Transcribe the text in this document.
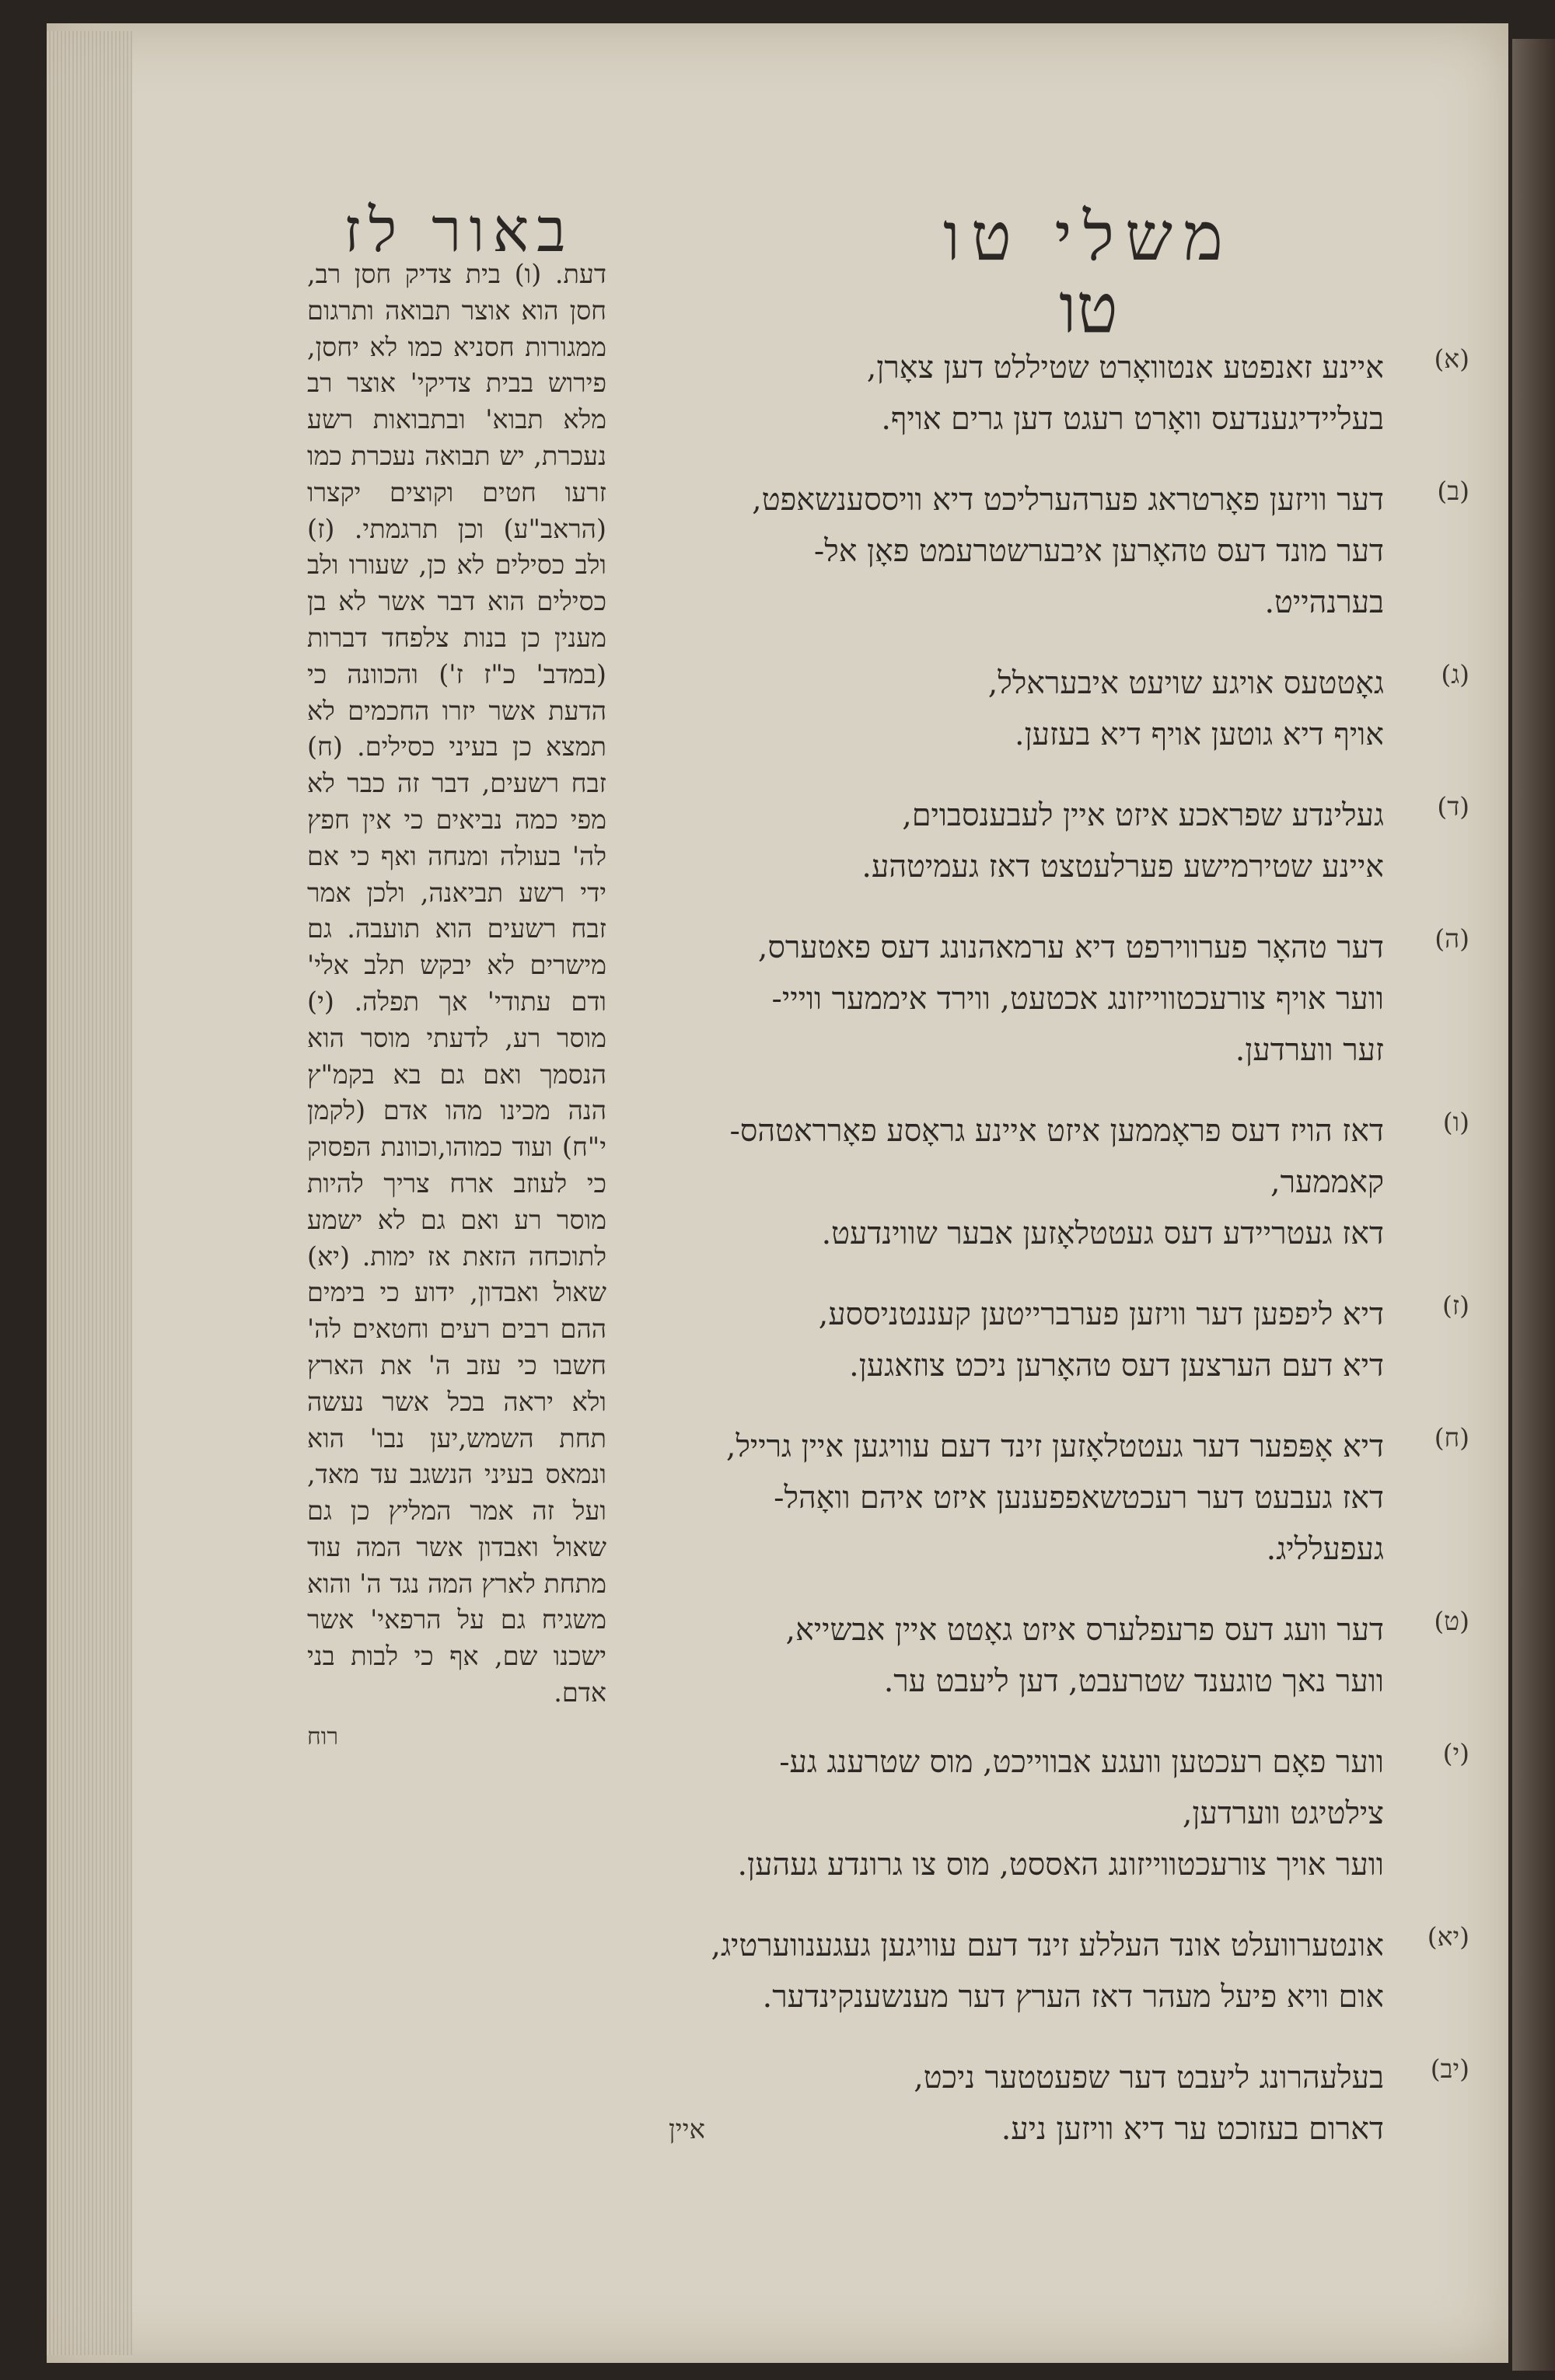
משלי טו
טו
באור לז

דעת. (ו) בית צדיק חסן רב, חסן הוא אוצר תבואה ותרגום ממגורות חסניא כמו לא יחסן, פירוש בבית צדיקי' אוצר רב מלא תבוא' ובתבואות רשע נעכרת, יש תבואה נעכרת כמו זרעו חטים וקוצים יקצרו (הראב"ע) וכן תרגמתי. (ז) ולב כסילים לא כן, שעורו ולב כסילים הוא דבר אשר לא בן מענין כן בנות צלפחד דברות (במדב' כ"ז ז') והכוונה כי הדעת אשר יזרו החכמים לא תמצא כן בעיני כסילים. (ח) זבח רשעים, דבר זה כבר לא מפי כמה נביאים כי אין חפץ לה' בעולה ומנחה ואף כי אם ידי רשע תביאנה, ולכן אמר זבח רשעים הוא תועבה. גם מישרים לא יבקש תלב אלי' ודם עתודי' אך תפלה. (י) מוסר רע, לדעתי מוסר הוא הנסמך ואם גם בא בקמ"ץ הנה מכינו מהו אדם (לקמן י"ח) ועוד כמוהו,וכוונת הפסוק כי לעוזב ארח צריך להיות מוסר רע ואם גם לא ישמע לתוכחה הזאת אז ימות. (יא) שאול ואבדון, ידוע כי בימים ההם רבים רעים וחטאים לה' חשבו כי עזב ה' את הארץ ולא יראה בכל אשר נעשה תחת השמש,יען נבו' הוא ונמאס בעיני הנשגב עד מאד, ועל זה אמר המליץ כן גם שאול ואבדון אשר המה עוד מתחת לארץ המה נגד ה' והוא משגיח גם על הרפאי' אשר ישכנו שם, אף כי לבות בני אדם.

רוח
(א)
איינע זאנפטע אנטוואָרט שטיללט דען צאָרן,
בעליידיגענדעס וואָרט רעגט דען גרים אויף.
(ב)
דער וויזען פאָרטראג פערהערליכט דיא וויססענשאפט,
דער מונד דעס טהאָרען איבערשטרעמט פאָן אל-
בערנהייט.
(ג)
גאָטטעס אויגע שויעט איבעראלל,
אויף דיא גוטען אויף דיא בעזען.
(ד)
געלינדע שפראכע איזט איין לעבענסבוים,
איינע שטירמישע פערלעטצט דאז געמיטהע.
(ה)
דער טהאָר פערווירפט דיא ערמאהנונג דעס פאטערס,
ווער אויף צורעכטווייזונג אכטעט, ווירד איממער ווייי-
זער ווערדען.
(ו)
דאז הויז דעס פראָממען איזט איינע גראָסע פאָרראטהס-
קאממער,
דאז געטריידע דעס געטטלאָזען אבער שווינדעט.
(ז)
דיא ליפפען דער וויזען פערברייטען קעננטניססע,
דיא דעם הערצען דעס טהאָרען ניכט צוזאגען.
(ח)
דיא אָפּפער דער געטטלאָזען זינד דעם עוויגען איין גרייל,
דאז געבעט דער רעכטשאפפענען איזט איהם וואָהל-
געפעלליג.
(ט)
דער וועג דעס פרעפלערס איזט גאָטט איין אבשייא,
ווער נאך טוגענד שטרעבט, דען ליעבט ער.
(י)
ווער פאָם רעכטען וועגע אבווייכט, מוס שטרענג גע-
צילטיגט ווערדען,
ווער אויך צורעכטווייזונג האססט, מוס צו גרונדע געהען.
(יא)
אונטערוועלט אונד העללע זינד דעם עוויגען געגענווערטיג,
אום וויא פיעל מעהר דאז הערץ דער מענשענקינדער.
(יב)
בעלעהרונג ליעבט דער שפעטטער ניכט,
דארום בעזוכט ער דיא וויזען ניע.
איין
